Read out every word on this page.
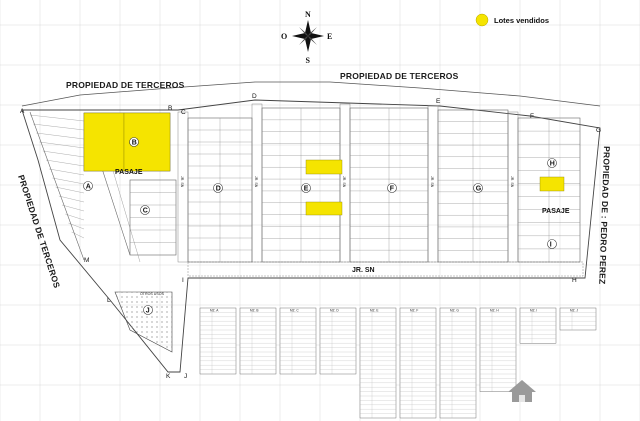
N
S
E
O
Lotes vendidos
PROPIEDAD DE TERCEROS
PROPIEDAD DE TERCEROS
PROPIEDAD DE TERCEROS	PROPIEDAD DE : PEDRO PEREZ
JR. SN
JR. SN	JR. SN	JR. SN	JR. SN	JR. SN
PASAJE
PASAJE
OTROS USOS
A
B
C
D	E	F	G
H
I
J
A	B
C
D
E
F
G
H
I
J
K
L
M
MZ. A	MZ. B	MZ. C	MZ. D	MZ. E	MZ. F	MZ. G	MZ. H	MZ. I	MZ. J
